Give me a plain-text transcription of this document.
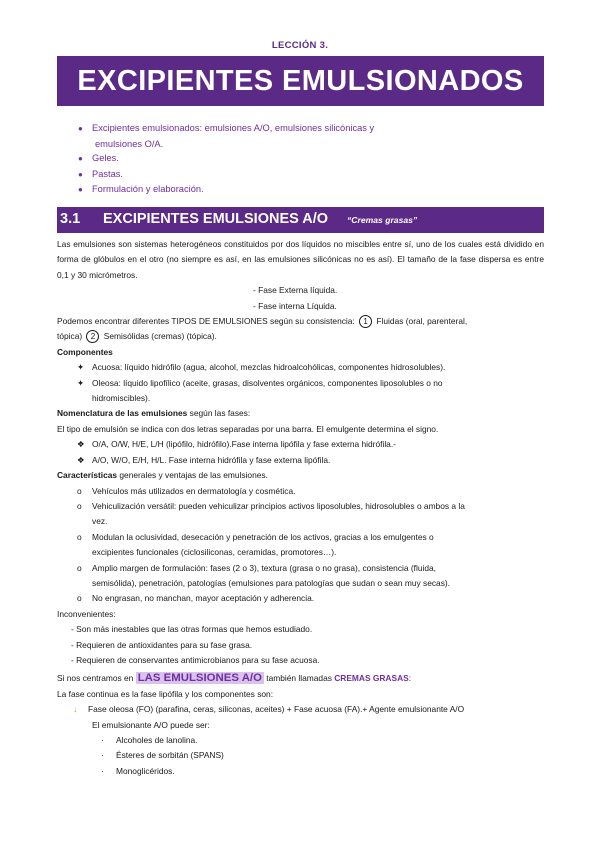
LECCIÓN 3.
EXCIPIENTES EMULSIONADOS
● Excipientes emulsionados: emulsiones A/O, emulsiones silicónicas y
emulsiones O/A.
● Geles.
● Pastas.
● Formulación y elaboración.
3.1 EXCIPIENTES EMULSIONES A/O “Cremas grasas”
Las emulsiones son sistemas heterogéneos constituidos por dos líquidos no miscibles entre sí, uno de los cuales está dividido en forma de glóbulos en el otro (no siempre es así, en las emulsiones silicónicas no es así). El tamaño de la fase dispersa es entre 0,1 y 30 micrómetros.
- Fase Externa líquida.
- Fase interna Líquida.
Podemos encontrar diferentes TIPOS DE EMULSIONES según su consistencia: 1 Fluidas (oral, parenteral,
tópica) 2 Semisólidas (cremas) (tópica).
Componentes
✦ Acuosa: líquido hidrófilo (agua, alcohol, mezclas hidroalcohólicas, componentes hidrosolubles).
✦ Oleosa: líquido lipofílico (aceite, grasas, disolventes orgánicos, componentes liposolubles o no
hidromiscibles).
Nomenclatura de las emulsiones según las fases:
El tipo de emulsión se indica con dos letras separadas por una barra. El emulgente determina el signo.
❖ O/A, O/W, H/E, L/H (lipófilo, hidrófilo).Fase interna lipófila y fase externa hidrófila.-
❖ A/O, W/O, E/H, H/L. Fase interna hidrófila y fase externa lipófila.
Características generales y ventajas de las emulsiones.
o Vehículos más utilizados en dermatología y cosmética.
o Vehiculización versátil: pueden vehiculizar principios activos liposolubles, hidrosolubles o ambos a la
vez.
o Modulan la oclusividad, desecación y penetración de los activos, gracias a los emulgentes o
excipientes funcionales (ciclosiliconas, ceramidas, promotores…).
o Amplio margen de formulación: fases (2 o 3), textura (grasa o no grasa), consistencia (fluida,
semisólida), penetración, patologías (emulsiones para patologías que sudan o sean muy secas).
o No engrasan, no manchan, mayor aceptación y adherencia.
Inconvenientes:
- Son más inestables que las otras formas que hemos estudiado.
- Requieren de antioxidantes para su fase grasa.
- Requieren de conservantes antimicrobianos para su fase acuosa.
Si nos centramos en LAS EMULSIONES A/O también llamadas CREMAS GRASAS:
La fase continua es la fase lipófila y los componentes son:
↓ Fase oleosa (FO) (parafina, ceras, siliconas, aceites) + Fase acuosa (FA).+ Agente emulsionante A/O
El emulsionante A/O puede ser:
· Alcoholes de lanolina.
· Ésteres de sorbitán (SPANS)
· Monoglicéridos.
